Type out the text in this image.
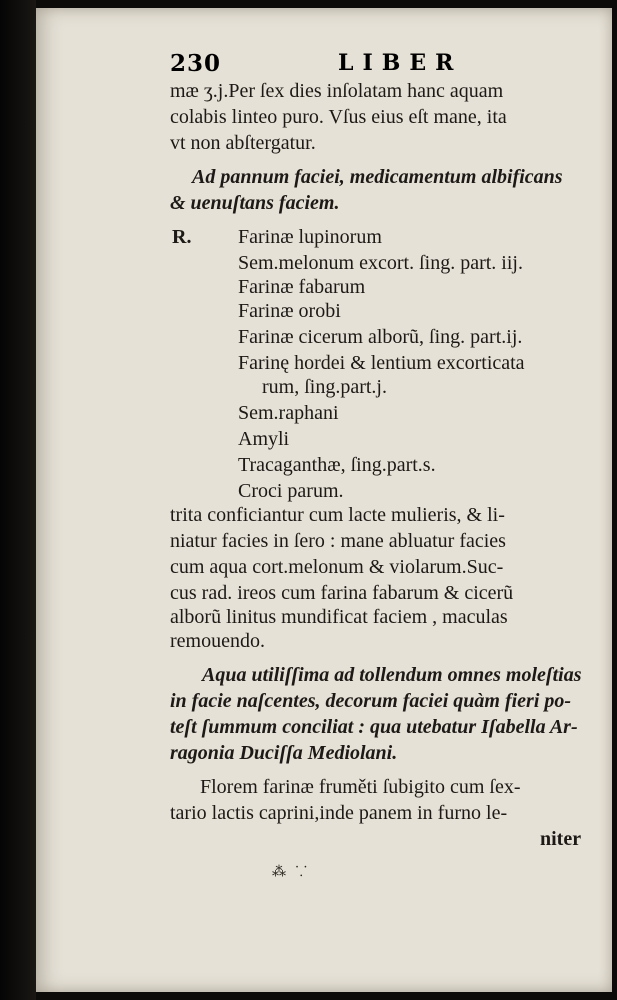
230	LIBER
mæ ʒ.j.Per ſex dies inſolatam hanc aquam
colabis linteo puro. Vſus eius eſt mane, ita
vt non abſtergatur.
Ad pannum faciei, medicamentum albificans
& uenuſtans faciem.
R. Farinæ lupinorum
Sem.melonum excort. ſing. part. iij.
Farinæ fabarum
Farinæ orobi
Farinæ cicerum alborũ, ſing. part.ij.
Farinę hordei & lentium excorticata
rum, ſing.part.j.
Sem.raphani
Amyli
Tracaganthæ, ſing.part.s.
Croci parum.
trita conficiantur cum lacte mulieris, & li-
niatur facies in ſero : mane abluatur facies
cum aqua cort.melonum & violarum.Suc-
cus rad. ireos cum farina fabarum & cicerũ
alborũ linitus mundificat faciem , maculas
remouendo.
Aqua utiliſſima ad tollendum omnes moleſtias
in facie naſcentes, decorum faciei quàm fieri po-
teſt ſummum conciliat : qua utebatur Iſabella Ar-
ragonia Duciſſa Mediolani.
Florem farinæ fruměti ſubigito cum ſex-
tario lactis caprini,inde panem in furno le-
niter
⁂ ⸪
